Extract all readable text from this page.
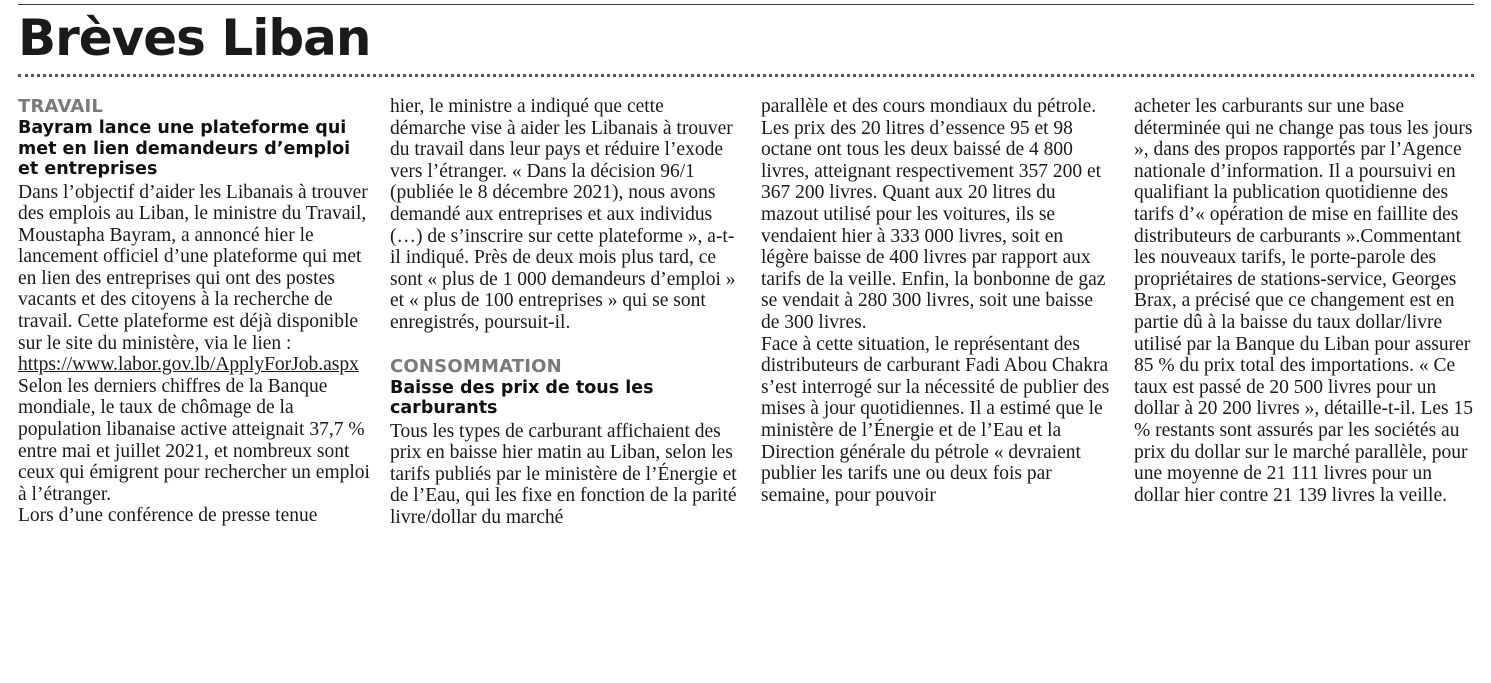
Brèves Liban
TRAVAIL
Bayram lance une plateforme qui met en lien demandeurs d’emploi et entreprises

Dans l’objectif d’aider les Libanais à trouver des emplois au Liban, le ministre du Travail, Moustapha Bayram, a annoncé hier le lancement officiel d’une plateforme qui met en lien des entreprises qui ont des postes vacants et des citoyens à la recherche de travail. Cette plateforme est déjà disponible sur le site du ministère, via le lien : https://www.labor.gov.lb/ApplyForJob.aspx

Selon les derniers chiffres de la Banque mondiale, le taux de chômage de la population libanaise active atteignait 37,7 % entre mai et juillet 2021, et nombreux sont ceux qui émigrent pour rechercher un emploi à l’étranger.

Lors d’une conférence de presse tenue

hier, le ministre a indiqué que cette démarche vise à aider les Libanais à trouver du travail dans leur pays et réduire l’exode vers l’étranger. « Dans la décision 96/1 (publiée le 8 décembre 2021), nous avons demandé aux entreprises et aux individus (…) de s’inscrire sur cette plateforme », a-t-il indiqué. Près de deux mois plus tard, ce sont « plus de 1 000 demandeurs d’emploi » et « plus de 100 entreprises » qui se sont enregistrés, poursuit-il.

CONSOMMATION
Baisse des prix de tous les carburants

Tous les types de carburant affichaient des prix en baisse hier matin au Liban, selon les tarifs publiés par le ministère de l’Énergie et de l’Eau, qui les fixe en fonction de la parité livre/dollar du marché

parallèle et des cours mondiaux du pétrole.

Les prix des 20 litres d’essence 95 et 98 octane ont tous les deux baissé de 4 800 livres, atteignant respectivement 357 200 et 367 200 livres. Quant aux 20 litres du mazout utilisé pour les voitures, ils se vendaient hier à 333 000 livres, soit en légère baisse de 400 livres par rapport aux tarifs de la veille. Enfin, la bonbonne de gaz se vendait à 280 300 livres, soit une baisse de 300 livres.

Face à cette situation, le représentant des distributeurs de carburant Fadi Abou Chakra s’est interrogé sur la nécessité de publier des mises à jour quotidiennes. Il a estimé que le ministère de l’Énergie et de l’Eau et la Direction générale du pétrole « devraient publier les tarifs une ou deux fois par semaine, pour pouvoir

acheter les carburants sur une base déterminée qui ne change pas tous les jours », dans des propos rapportés par l’Agence nationale d’information. Il a poursuivi en qualifiant la publication quotidienne des tarifs d’« opération de mise en faillite des distributeurs de carburants ».Commentant les nouveaux tarifs, le porte-parole des propriétaires de stations-service, Georges Brax, a précisé que ce changement est en partie dû à la baisse du taux dollar/livre utilisé par la Banque du Liban pour assurer 85 % du prix total des importations. « Ce taux est passé de 20 500 livres pour un dollar à 20 200 livres », détaille-t-il. Les 15 % restants sont assurés par les sociétés au prix du dollar sur le marché parallèle, pour une moyenne de 21 111 livres pour un dollar hier contre 21 139 livres la veille.
